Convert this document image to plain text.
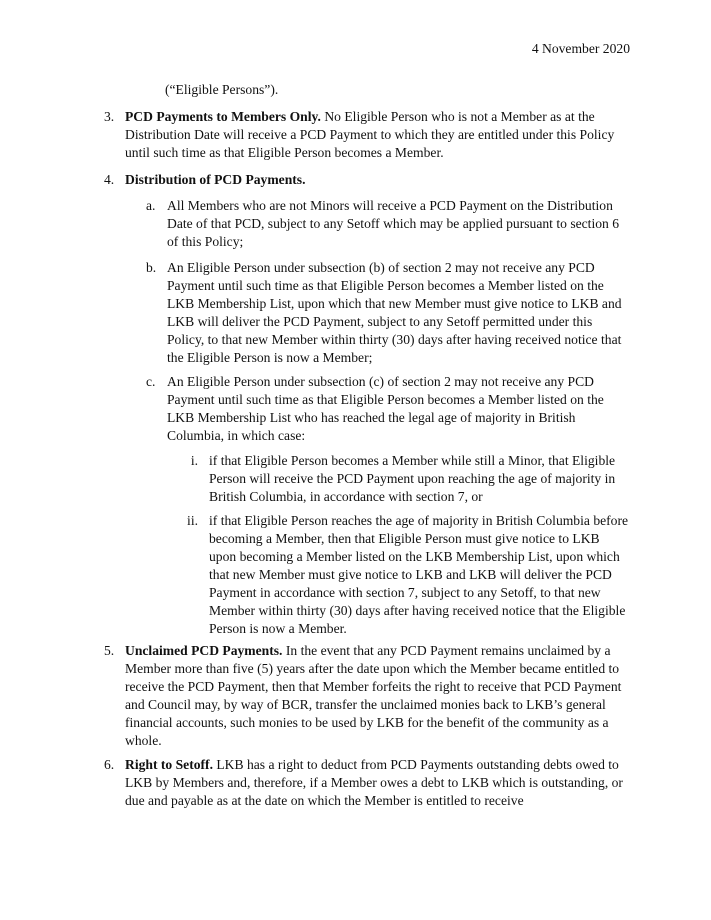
4 November 2020
(“Eligible Persons”).
3. PCD Payments to Members Only. No Eligible Person who is not a Member as at the Distribution Date will receive a PCD Payment to which they are entitled under this Policy until such time as that Eligible Person becomes a Member.
4. Distribution of PCD Payments.
a. All Members who are not Minors will receive a PCD Payment on the Distribution Date of that PCD, subject to any Setoff which may be applied pursuant to section 6 of this Policy;
b. An Eligible Person under subsection (b) of section 2 may not receive any PCD Payment until such time as that Eligible Person becomes a Member listed on the LKB Membership List, upon which that new Member must give notice to LKB and LKB will deliver the PCD Payment, subject to any Setoff permitted under this Policy, to that new Member within thirty (30) days after having received notice that the Eligible Person is now a Member;
c. An Eligible Person under subsection (c) of section 2 may not receive any PCD Payment until such time as that Eligible Person becomes a Member listed on the LKB Membership List who has reached the legal age of majority in British Columbia, in which case:
i. if that Eligible Person becomes a Member while still a Minor, that Eligible Person will receive the PCD Payment upon reaching the age of majority in British Columbia, in accordance with section 7, or
ii. if that Eligible Person reaches the age of majority in British Columbia before becoming a Member, then that Eligible Person must give notice to LKB upon becoming a Member listed on the LKB Membership List, upon which that new Member must give notice to LKB and LKB will deliver the PCD Payment in accordance with section 7, subject to any Setoff, to that new Member within thirty (30) days after having received notice that the Eligible Person is now a Member.
5. Unclaimed PCD Payments. In the event that any PCD Payment remains unclaimed by a Member more than five (5) years after the date upon which the Member became entitled to receive the PCD Payment, then that Member forfeits the right to receive that PCD Payment and Council may, by way of BCR, transfer the unclaimed monies back to LKB’s general financial accounts, such monies to be used by LKB for the benefit of the community as a whole.
6. Right to Setoff. LKB has a right to deduct from PCD Payments outstanding debts owed to LKB by Members and, therefore, if a Member owes a debt to LKB which is outstanding, or due and payable as at the date on which the Member is entitled to receive
